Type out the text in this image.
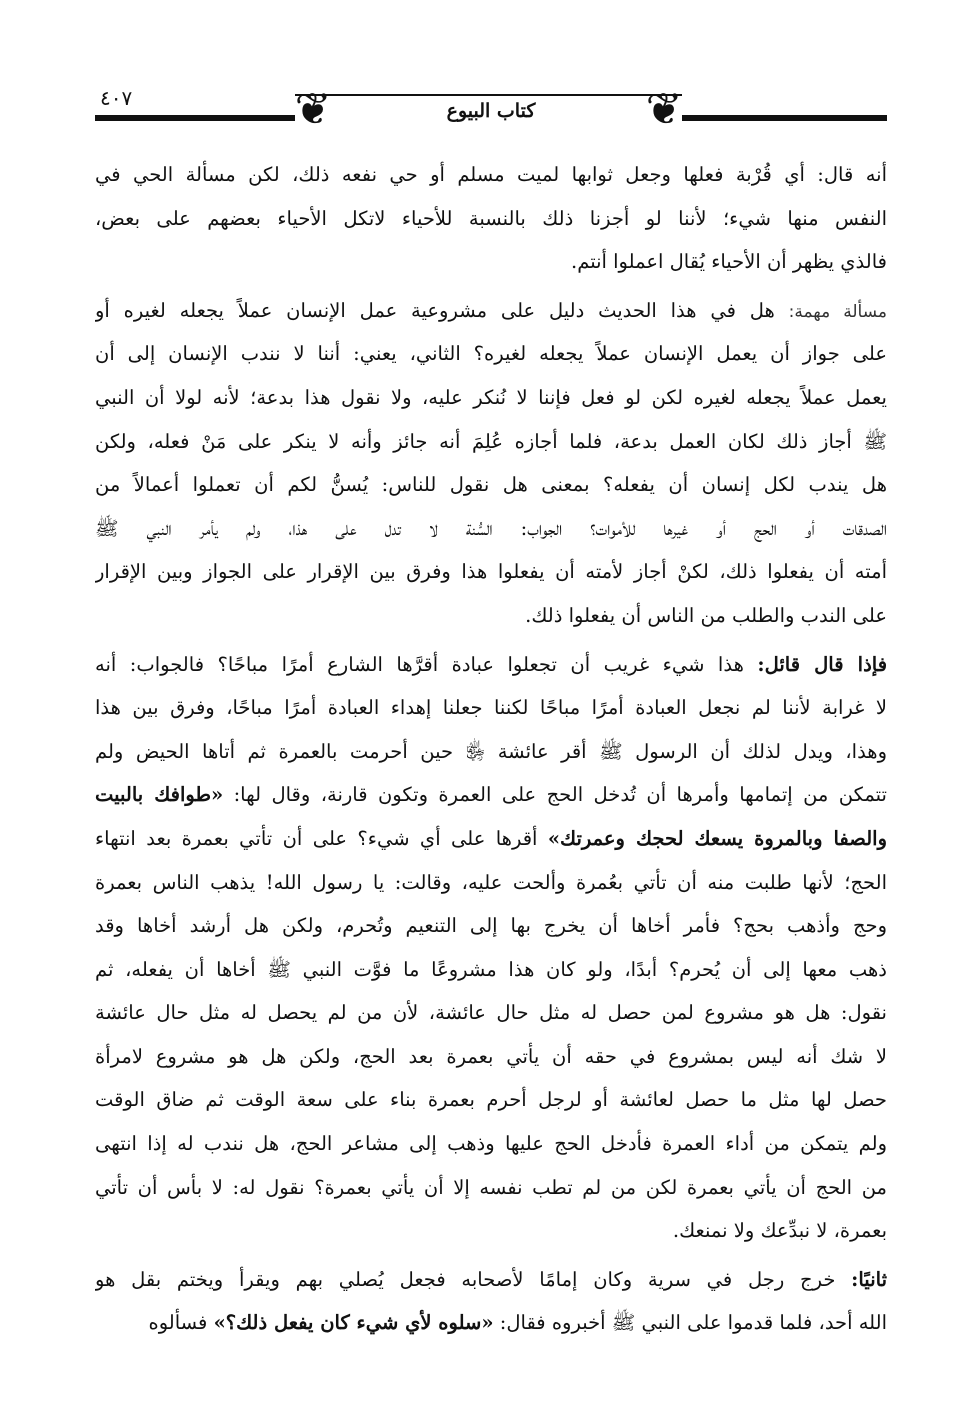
٤٠٧	❦	❦
كتاب البيوع
أنه قال: أي قُرْبة فعلها وجعل ثوابها لميت مسلم أو حي نفعه ذلك، لكن مسألة الحي في
النفس منها شيء؛ لأننا لو أجزنا ذلك بالنسبة للأحياء لاتكل الأحياء بعضهم على بعض،
فالذي يظهر أن الأحياء يُقال اعملوا أنتم.
مسألة مهمة: هل في هذا الحديث دليل على مشروعية عمل الإنسان عملاً يجعله لغيره أو
على جواز أن يعمل الإنسان عملاً يجعله لغيره؟ الثاني، يعني: أننا لا نندب الإنسان إلى أن
يعمل عملاً يجعله لغيره لكن لو فعل فإننا لا نُنكر عليه، ولا نقول هذا بدعة؛ لأنه لولا أن النبي
ﷺ أجاز ذلك لكان العمل بدعة، فلما أجازه عُلِمَ أنه جائز وأنه لا ينكر على مَنْ فعله، ولكن
هل يندب لكل إنسان أن يفعله؟ بمعنى هل نقول للناس: يُسنُّ لكم أن تعملوا أعمالاً من
الصدقات أو الحج أو غيرها للأموات؟ الجواب: السُّنة لا تدل على هذا، ولم يأمر النبي ﷺ
أمته أن يفعلوا ذلك، لكنْ أجاز لأمته أن يفعلوا هذا وفرق بين الإقرار على الجواز وبين الإقرار
على الندب والطلب من الناس أن يفعلوا ذلك.
فإذا قال قائل: هذا شيء غريب أن تجعلوا عبادة أقرَّها الشارع أمرًا مباحًا؟ فالجواب: أنه
لا غرابة لأننا لم نجعل العبادة أمرًا مباحًا لكننا جعلنا إهداء العبادة أمرًا مباحًا، وفرق بين هذا
وهذا، ويدل لذلك أن الرسول ﷺ أقر عائشة ﵂ حين أحرمت بالعمرة ثم أتاها الحيض ولم
تتمكن من إتمامها وأمرها أن تُدخل الحج على العمرة وتكون قارنة، وقال لها: «طوافك بالبيت
والصفا وبالمروة يسعك لحجك وعمرتك» أقرها على أي شيء؟ على أن تأتي بعمرة بعد انتهاء
الحج؛ لأنها طلبت منه أن تأتي بعُمرة وألحت عليه، وقالت: يا رسول الله! يذهب الناس بعمرة
وحج وأذهب بحج؟ فأمر أخاها أن يخرج بها إلى التنعيم وتُحرم، ولكن هل أرشد أخاها وقد
ذهب معها إلى أن يُحرم؟ أبدًا، ولو كان هذا مشروعًا ما فوَّت النبي ﷺ أخاها أن يفعله، ثم
نقول: هل هو مشروع لمن حصل له مثل حال عائشة، لأن من لم يحصل له مثل حال عائشة
لا شك أنه ليس بمشروع في حقه أن يأتي بعمرة بعد الحج، ولكن هل هو مشروع لامرأة
حصل لها مثل ما حصل لعائشة أو لرجل أحرم بعمرة بناء على سعة الوقت ثم ضاق الوقت
ولم يتمكن من أداء العمرة فأدخل الحج عليها وذهب إلى مشاعر الحج، هل نندب له إذا انتهى
من الحج أن يأتي بعمرة لكن من لم تطب نفسه إلا أن يأتي بعمرة؟ نقول له: لا بأس أن تأتي
بعمرة، لا نبدِّعك ولا نمنعك.
ثانيًا: خرج رجل في سرية وكان إمامًا لأصحابه فجعل يُصلي بهم ويقرأ ويختم بقل هو
الله أحد، فلما قدموا على النبي ﷺ أخبروه فقال: «سلوه لأي شيء كان يفعل ذلك؟» فسألوه
